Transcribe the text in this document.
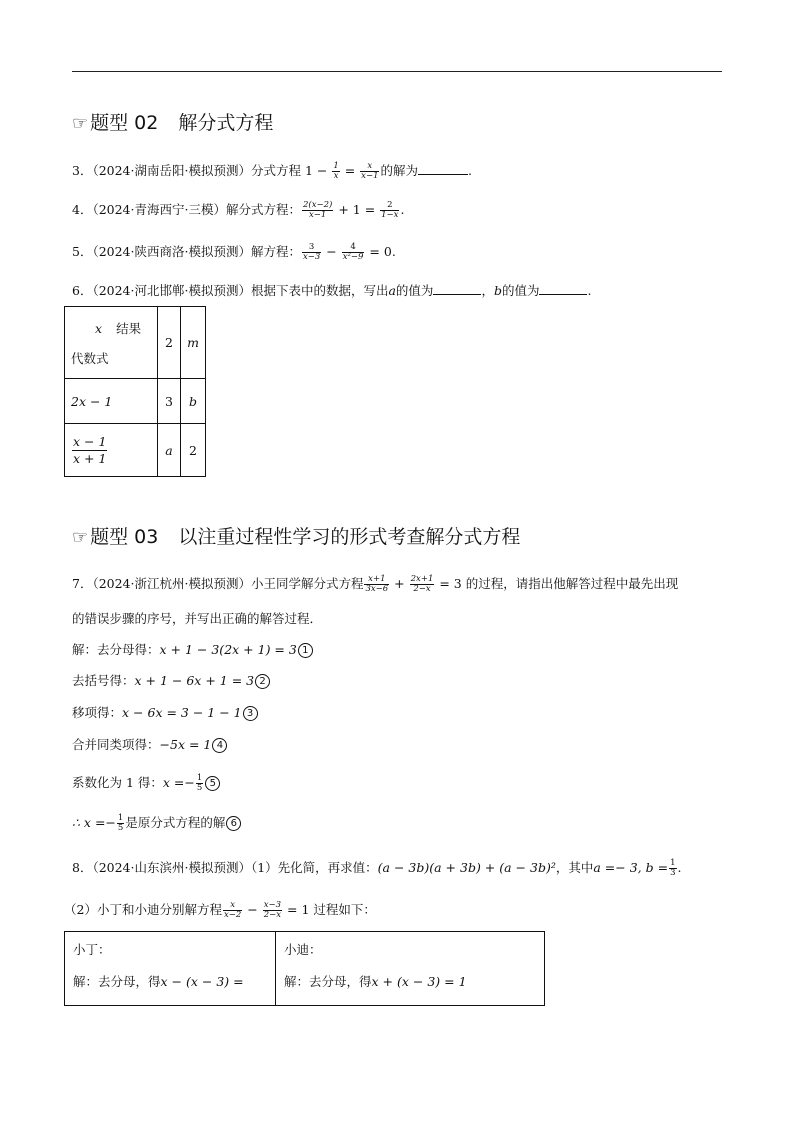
☞ 题型 02 解分式方程
3．（2024·湖南岳阳·模拟预测）分式方程 $1 - \frac{1}{x} = \frac{x}{x-1}$ 的解为	.
4．（2024·青海西宁·三模）解分式方程： $\frac{2(x-2)}{x-1} + 1 = \frac{2}{1-x}$ .
5．（2024·陕西商洛·模拟预测）解方程： $\frac{3}{x-3} - \frac{4}{\text{x²−9}} = 0$.
6．（2024·河北邯郸·模拟预测）根据下表中的数据，写出a的值为	，b的值为	.
x 结果
代数式	2	m
2x − 1	3	b

$\frac{x - 1}{x + 1}$	a	2
☞ 题型 03 以注重过程性学习的形式考查解分式方程
7．（2024·浙江杭州·模拟预测）小王同学解分式方程 $\frac{x+1}{3x-6} + \frac{2x+1}{2-x} = 3$ 的过程，请指出他解答过程中最先出现
的错误步骤的序号，并写出正确的解答过程．
解：去分母得：x + 1 − 3(2x + 1) = 3 1
去括号得：x + 1 − 6x + 1 = 3 2
移项得：x − 6x = 3 − 1 − 1 3
合并同类项得：−5x = 1 4
系数化为 1 得：$x =- \frac{1}{5} 5$
∴ $x =- \frac{1}{5}$ 是原分式方程的解 6
8．（2024·山东滨州·模拟预测）（1）先化简，再求值：(a − 3b)(a + 3b) + (a − 3b)²，其中a =− 3, $b = \frac{1}{3}$ .
（2）小丁和小迪分别解方程 $\frac{x}{x-2} - \frac{x-3}{2-x} = 1$ 过程如下：
小丁：
解：去分母，得x − (x − 3) =

小迪：
解：去分母，得x + (x − 3) = 1
